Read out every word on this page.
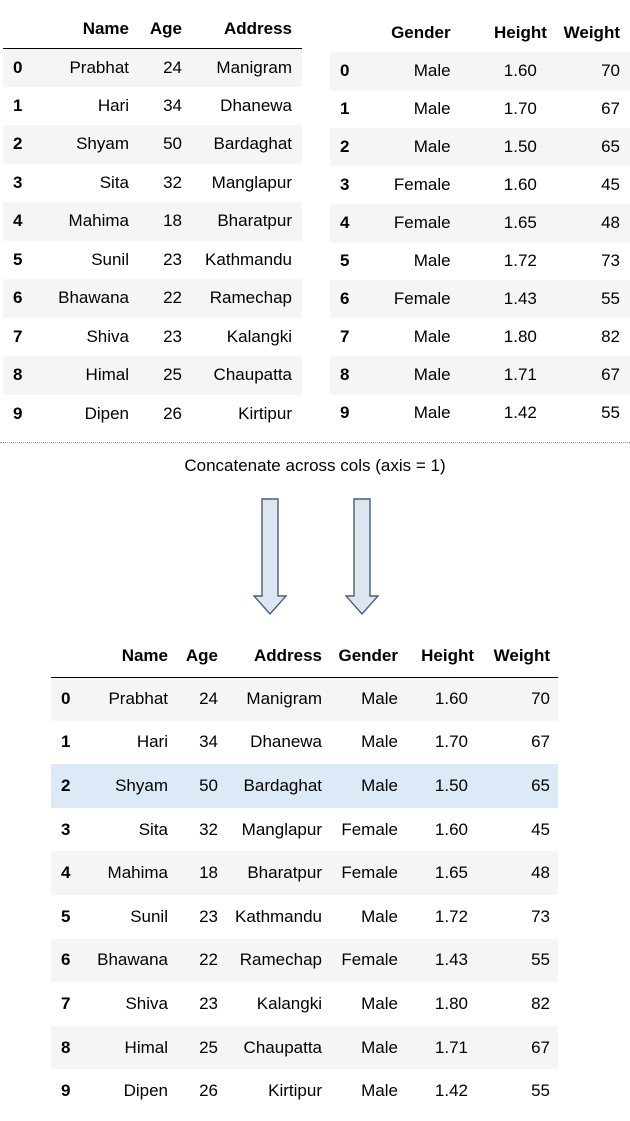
	Name	Age	Address
0	Prabhat	24	Manigram
1	Hari	34	Dhanewa
2	Shyam	50	Bardaghat
3	Sita	32	Manglapur
4	Mahima	18	Bharatpur
5	Sunil	23	Kathmandu
6	Bhawana	22	Ramechap
7	Shiva	23	Kalangki
8	Himal	25	Chaupatta
9	Dipen	26	Kirtipur
	Gender	Height	Weight
0	Male	1.60	70
1	Male	1.70	67
2	Male	1.50	65
3	Female	1.60	45
4	Female	1.65	48
5	Male	1.72	73
6	Female	1.43	55
7	Male	1.80	82
8	Male	1.71	67
9	Male	1.42	55
Concatenate across cols (axis = 1)
	Name	Age	Address	Gender	Height	Weight
0	Prabhat	24	Manigram	Male	1.60	70
1	Hari	34	Dhanewa	Male	1.70	67
2	Shyam	50	Bardaghat	Male	1.50	65
3	Sita	32	Manglapur	Female	1.60	45
4	Mahima	18	Bharatpur	Female	1.65	48
5	Sunil	23	Kathmandu	Male	1.72	73
6	Bhawana	22	Ramechap	Female	1.43	55
7	Shiva	23	Kalangki	Male	1.80	82
8	Himal	25	Chaupatta	Male	1.71	67
9	Dipen	26	Kirtipur	Male	1.42	55
